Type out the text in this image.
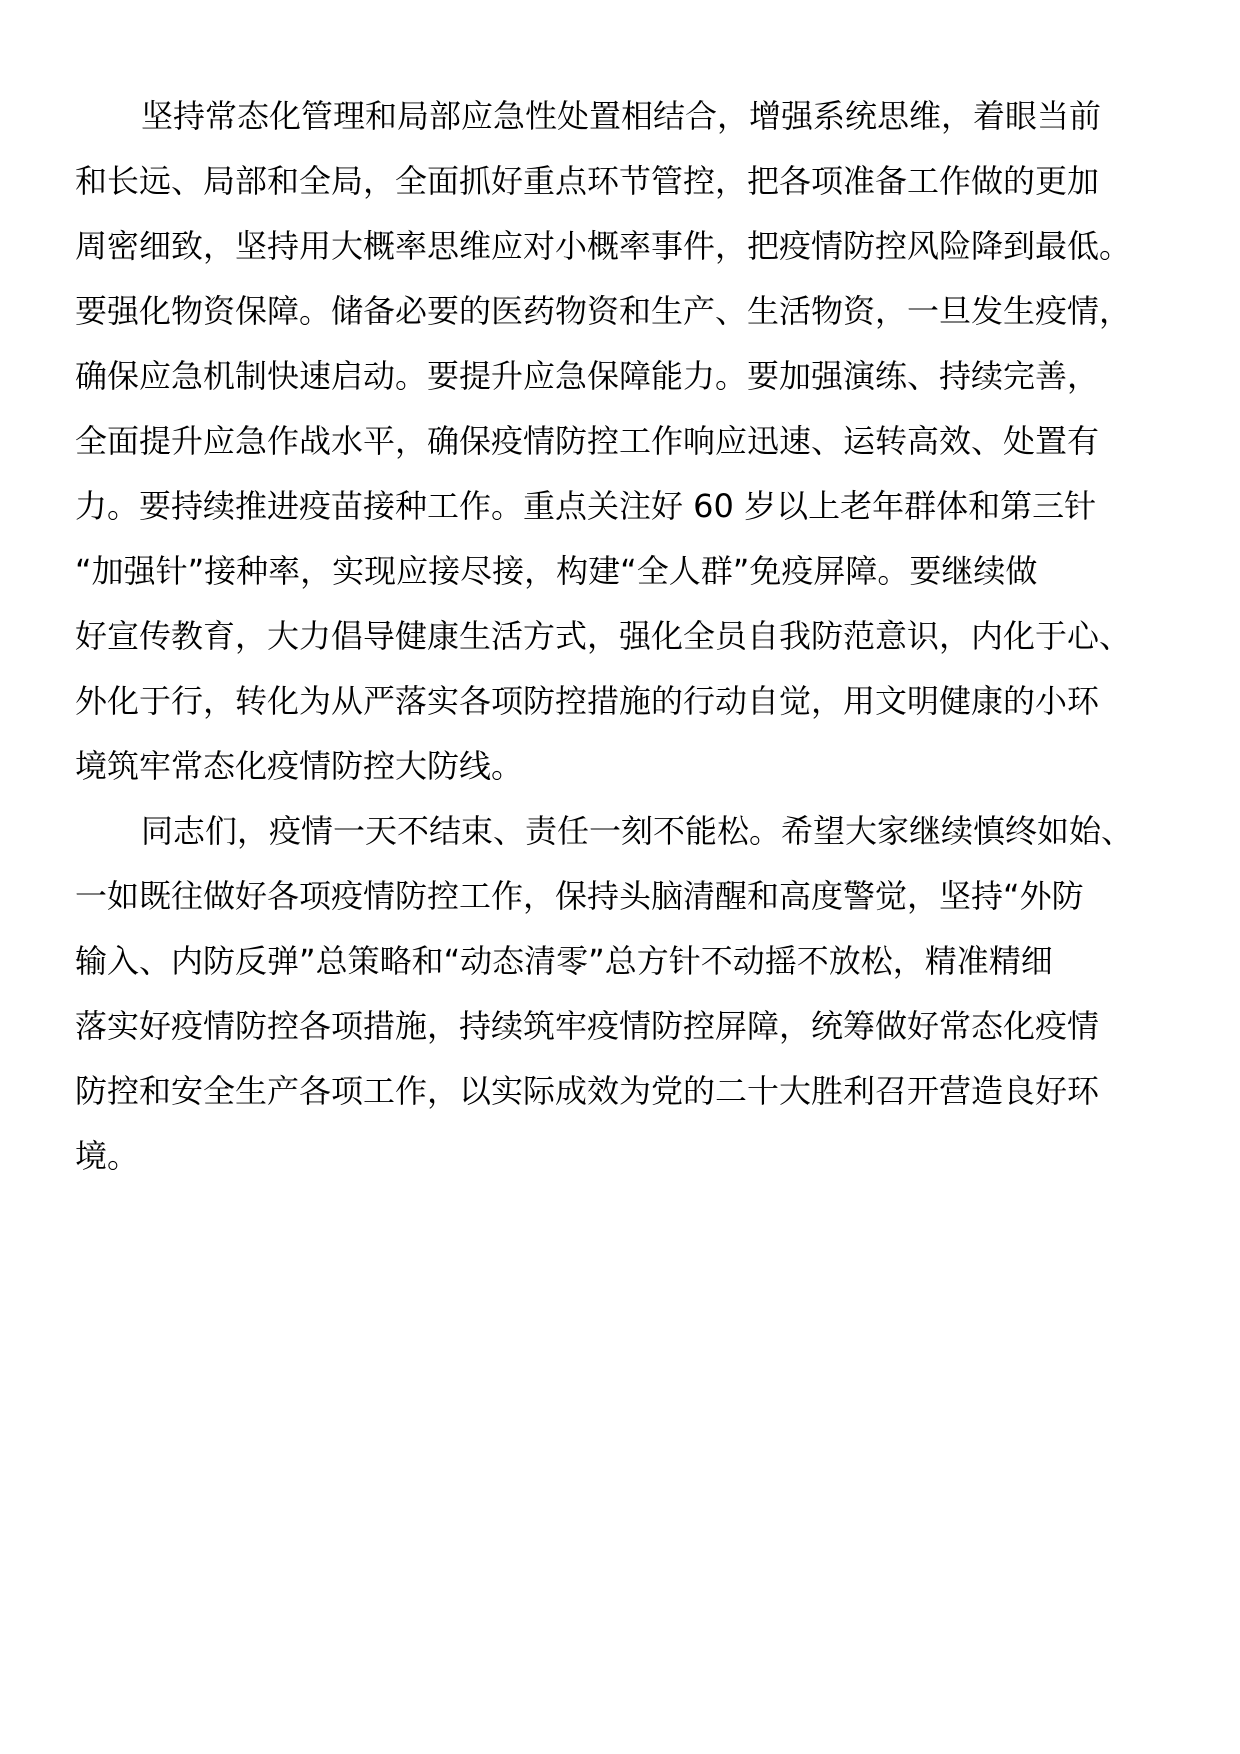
坚持常态化管理和局部应急性处置相结合，增强系统思维，着眼当前
和长远、局部和全局，全面抓好重点环节管控，把各项准备工作做的更加
周密细致，坚持用大概率思维应对小概率事件，把疫情防控风险降到最低。
要强化物资保障。储备必要的医药物资和生产、生活物资，一旦发生疫情，
确保应急机制快速启动。要提升应急保障能力。要加强演练、持续完善，
全面提升应急作战水平，确保疫情防控工作响应迅速、运转高效、处置有
力。要持续推进疫苗接种工作。重点关注好 60 岁以上老年群体和第三针
“加强针”接种率，实现应接尽接，构建“全人群”免疫屏障。要继续做
好宣传教育，大力倡导健康生活方式，强化全员自我防范意识，内化于心、
外化于行，转化为从严落实各项防控措施的行动自觉，用文明健康的小环
境筑牢常态化疫情防控大防线。
同志们，疫情一天不结束、责任一刻不能松。希望大家继续慎终如始、
一如既往做好各项疫情防控工作，保持头脑清醒和高度警觉，坚持“外防
输入、内防反弹”总策略和“动态清零”总方针不动摇不放松，精准精细
落实好疫情防控各项措施，持续筑牢疫情防控屏障，统筹做好常态化疫情
防控和安全生产各项工作，以实际成效为党的二十大胜利召开营造良好环
境。
